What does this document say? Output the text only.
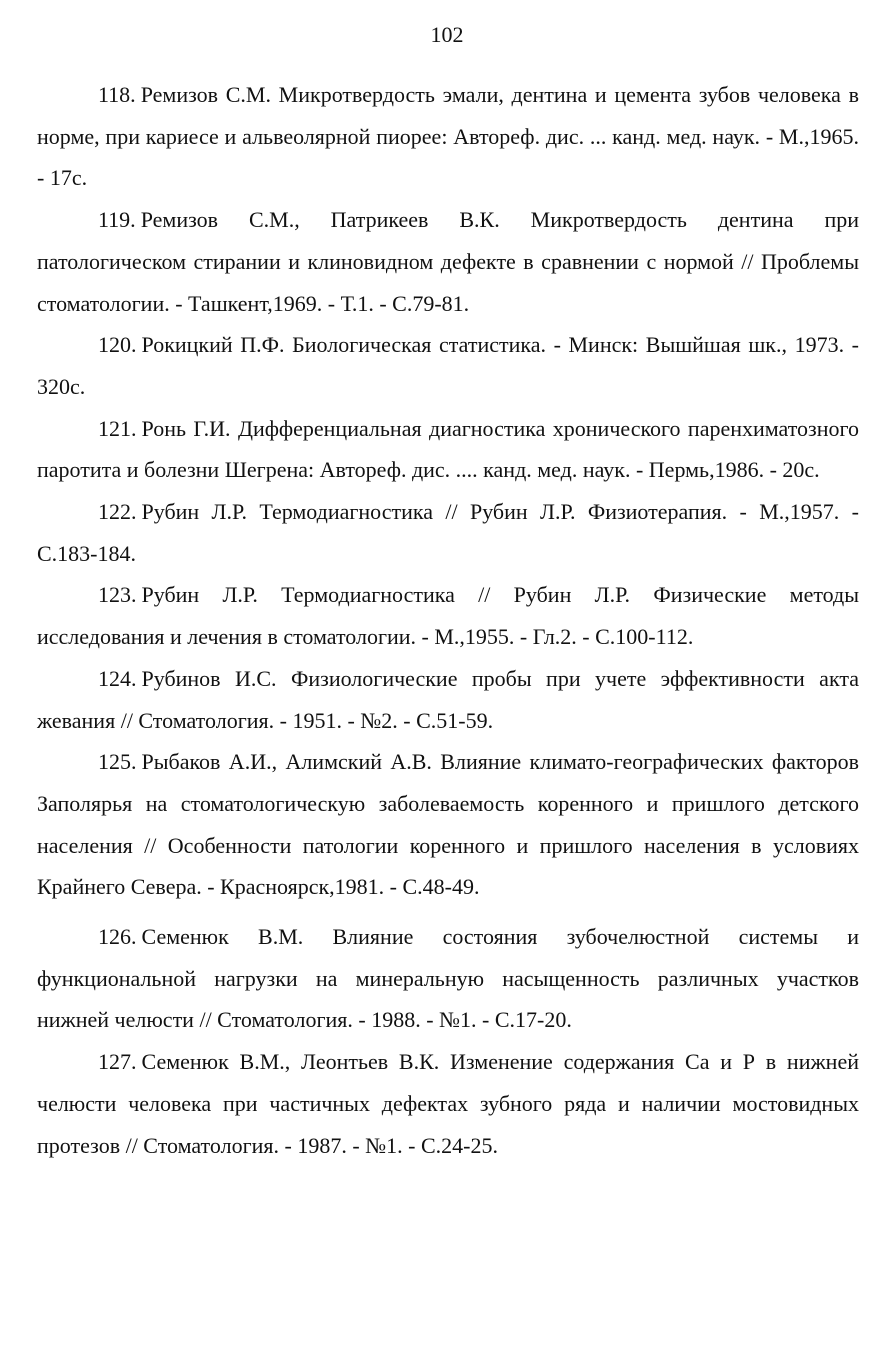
102

118. Ремизов С.М. Микротвердость эмали, дентина и цемента зубов человека в норме, при кариесе и альвеолярной пиорее: Автореф. дис. ... канд. мед. наук. - М.,1965. - 17с.

119. Ремизов С.М., Патрикеев В.К. Микротвердость дентина при патологическом стирании и клиновидном дефекте в сравнении с нормой // Проблемы стоматологии. - Ташкент,1969. - Т.1. - С.79-81.

120. Рокицкий П.Ф. Биологическая статистика. - Минск: Вышйшая шк., 1973. - 320с.

121. Ронь Г.И. Дифференциальная диагностика хронического паренхиматозного паротита и болезни Шегрена: Автореф. дис. .... канд. мед. наук. - Пермь,1986. - 20с.

122. Рубин Л.Р. Термодиагностика // Рубин Л.Р. Физиотерапия. - М.,1957. - С.183-184.

123. Рубин Л.Р. Термодиагностика // Рубин Л.Р. Физические методы исследования и лечения в стоматологии. - М.,1955. - Гл.2. - С.100-112.

124. Рубинов И.С. Физиологические пробы при учете эффективности акта жевания // Стоматология. - 1951. - №2. - С.51-59.

125. Рыбаков А.И., Алимский А.В. Влияние климато-географических факторов Заполярья на стоматологическую заболеваемость коренного и пришлого детского населения // Особенности патологии коренного и пришлого населения в условиях Крайнего Севера. - Красноярск,1981. - С.48-49.

126. Семенюк В.М. Влияние состояния зубочелюстной системы и функциональной нагрузки на минеральную насыщенность различных участков нижней челюсти // Стоматология. - 1988. - №1. - С.17-20.

127. Семенюк В.М., Леонтьев В.К. Изменение содержания Са и Р в нижней челюсти человека при частичных дефектах зубного ряда и наличии мостовидных протезов // Стоматология. - 1987. - №1. - С.24-25.
